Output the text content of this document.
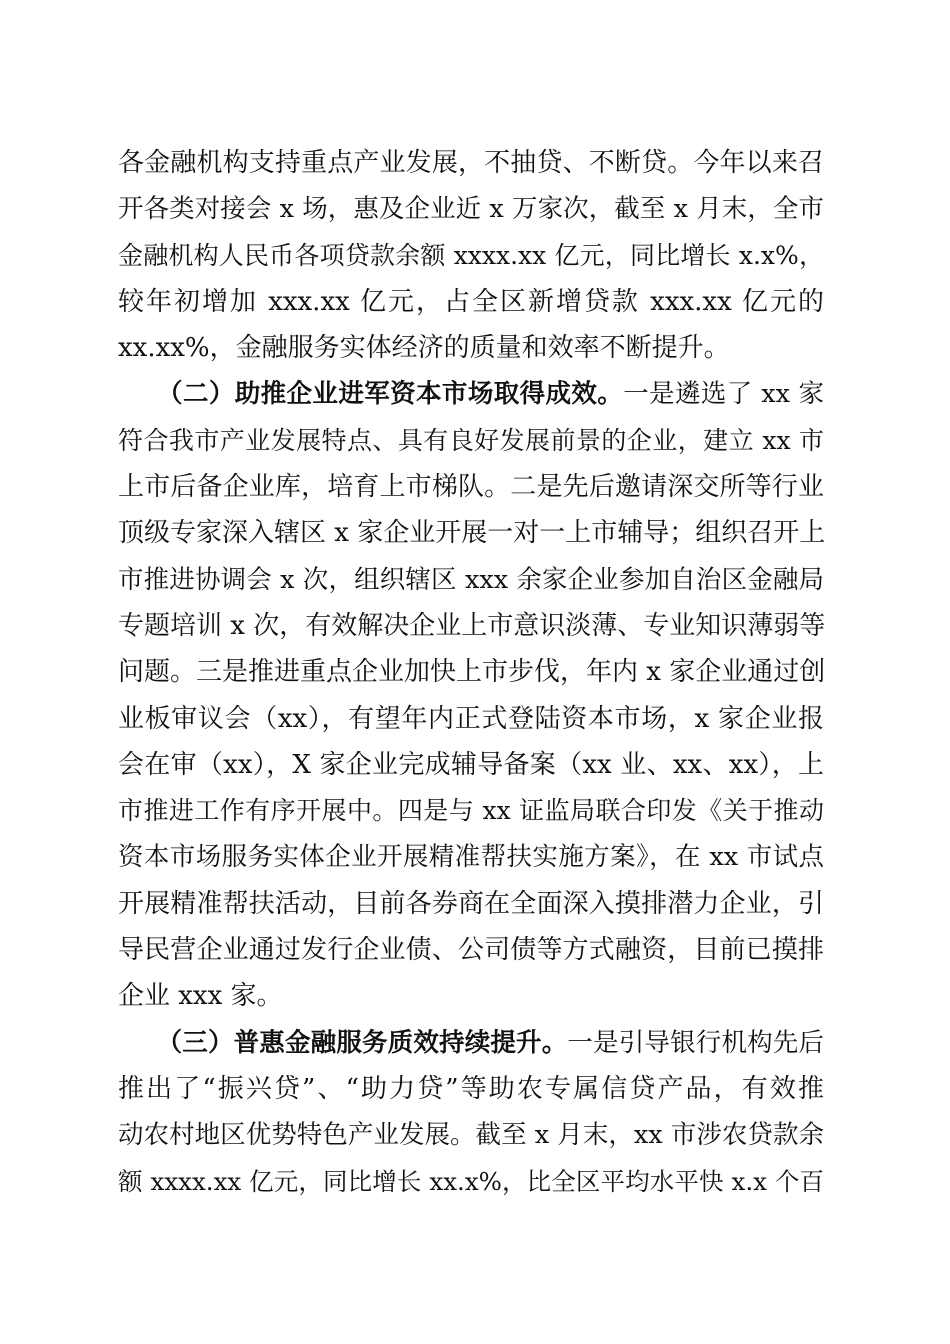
各金融机构支持重点产业发展，不抽贷、不断贷。今年以来召
开各类对接会 x 场，惠及企业近 x 万家次，截至 x 月末，全市
金融机构人民币各项贷款余额 xxxx.xx 亿元，同比增长 x.x%，
较年初增加 xxx.xx 亿元，占全区新增贷款 xxx.xx 亿元的
xx.xx%，金融服务实体经济的质量和效率不断提升。
　　（二）助推企业进军资本市场取得成效。一是遴选了 xx 家
符合我市产业发展特点、具有良好发展前景的企业，建立 xx 市
上市后备企业库，培育上市梯队。二是先后邀请深交所等行业
顶级专家深入辖区 x 家企业开展一对一上市辅导；组织召开上
市推进协调会 x 次，组织辖区 xxx 余家企业参加自治区金融局
专题培训 x 次，有效解决企业上市意识淡薄、专业知识薄弱等
问题。三是推进重点企业加快上市步伐，年内 x 家企业通过创
业板审议会（xx），有望年内正式登陆资本市场，x 家企业报
会在审（xx），X 家企业完成辅导备案（xx 业、xx、xx），上
市推进工作有序开展中。四是与 xx 证监局联合印发《关于推动
资本市场服务实体企业开展精准帮扶实施方案》，在 xx 市试点
开展精准帮扶活动，目前各券商在全面深入摸排潜力企业，引
导民营企业通过发行企业债、公司债等方式融资，目前已摸排
企业 xxx 家。
　　（三）普惠金融服务质效持续提升。一是引导银行机构先后
推出了“振兴贷”、“助力贷”等助农专属信贷产品，有效推
动农村地区优势特色产业发展。截至 x 月末，xx 市涉农贷款余
额 xxxx.xx 亿元，同比增长 xx.x%，比全区平均水平快 x.x 个百
